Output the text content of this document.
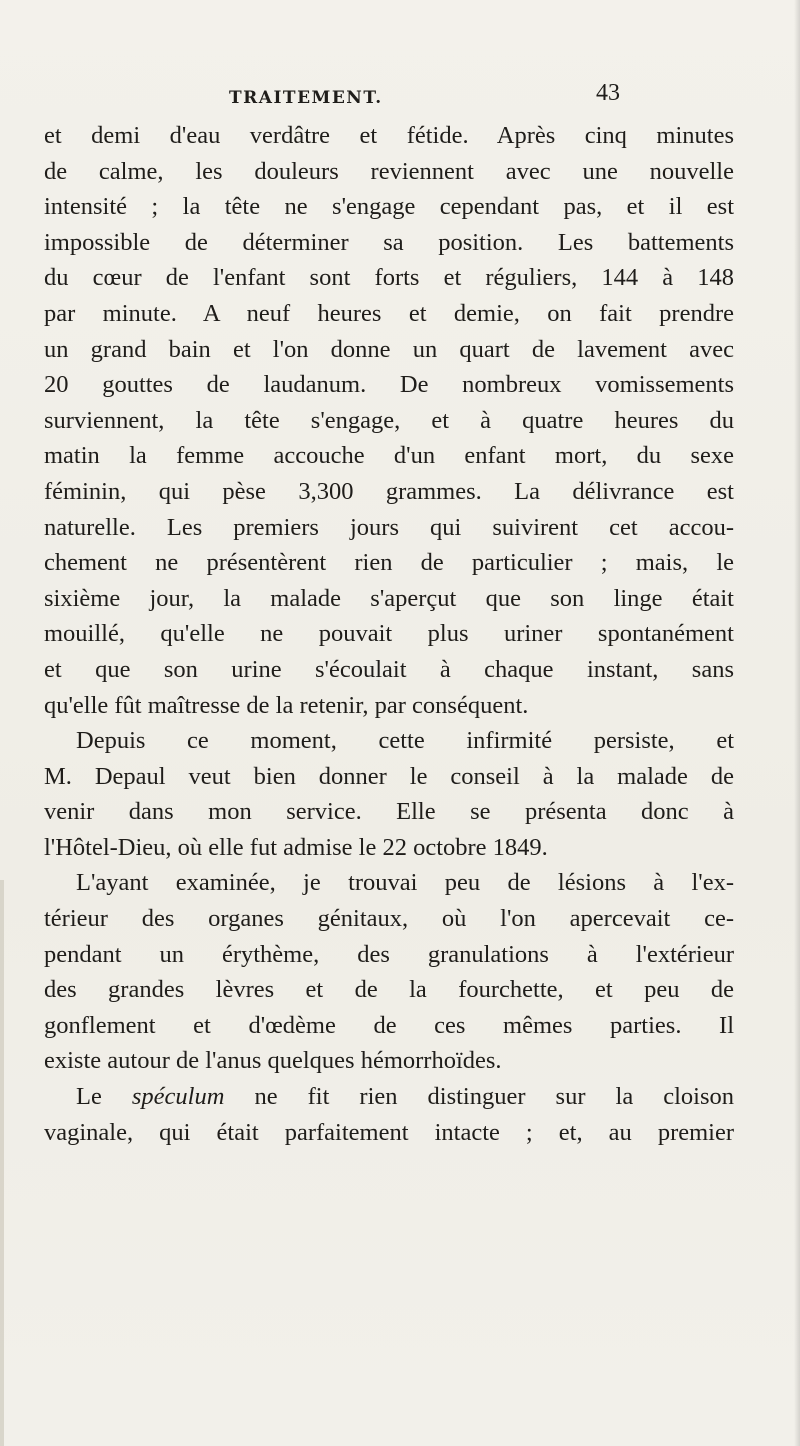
TRAITEMENT.	43
et demi d'eau verdâtre et fétide. Après cinq minutes
de calme, les douleurs reviennent avec une nouvelle
intensité ; la tête ne s'engage cependant pas, et il est
impossible de déterminer sa position. Les battements
du cœur de l'enfant sont forts et réguliers, 144 à 148
par minute. A neuf heures et demie, on fait prendre
un grand bain et l'on donne un quart de lavement avec
20 gouttes de laudanum. De nombreux vomissements
surviennent, la tête s'engage, et à quatre heures du
matin la femme accouche d'un enfant mort, du sexe
féminin, qui pèse 3,300 grammes. La délivrance est
naturelle. Les premiers jours qui suivirent cet accou-
chement ne présentèrent rien de particulier ; mais, le
sixième jour, la malade s'aperçut que son linge était
mouillé, qu'elle ne pouvait plus uriner spontanément
et que son urine s'écoulait à chaque instant, sans
qu'elle fût maîtresse de la retenir, par conséquent.
Depuis ce moment, cette infirmité persiste, et
M. Depaul veut bien donner le conseil à la malade de
venir dans mon service. Elle se présenta donc à
l'Hôtel-Dieu, où elle fut admise le 22 octobre 1849.
L'ayant examinée, je trouvai peu de lésions à l'ex-
térieur des organes génitaux, où l'on apercevait ce-
pendant un érythème, des granulations à l'extérieur
des grandes lèvres et de la fourchette, et peu de
gonflement et d'œdème de ces mêmes parties. Il
existe autour de l'anus quelques hémorrhoïdes.
Le spéculum ne fit rien distinguer sur la cloison
vaginale, qui était parfaitement intacte ; et, au premier
